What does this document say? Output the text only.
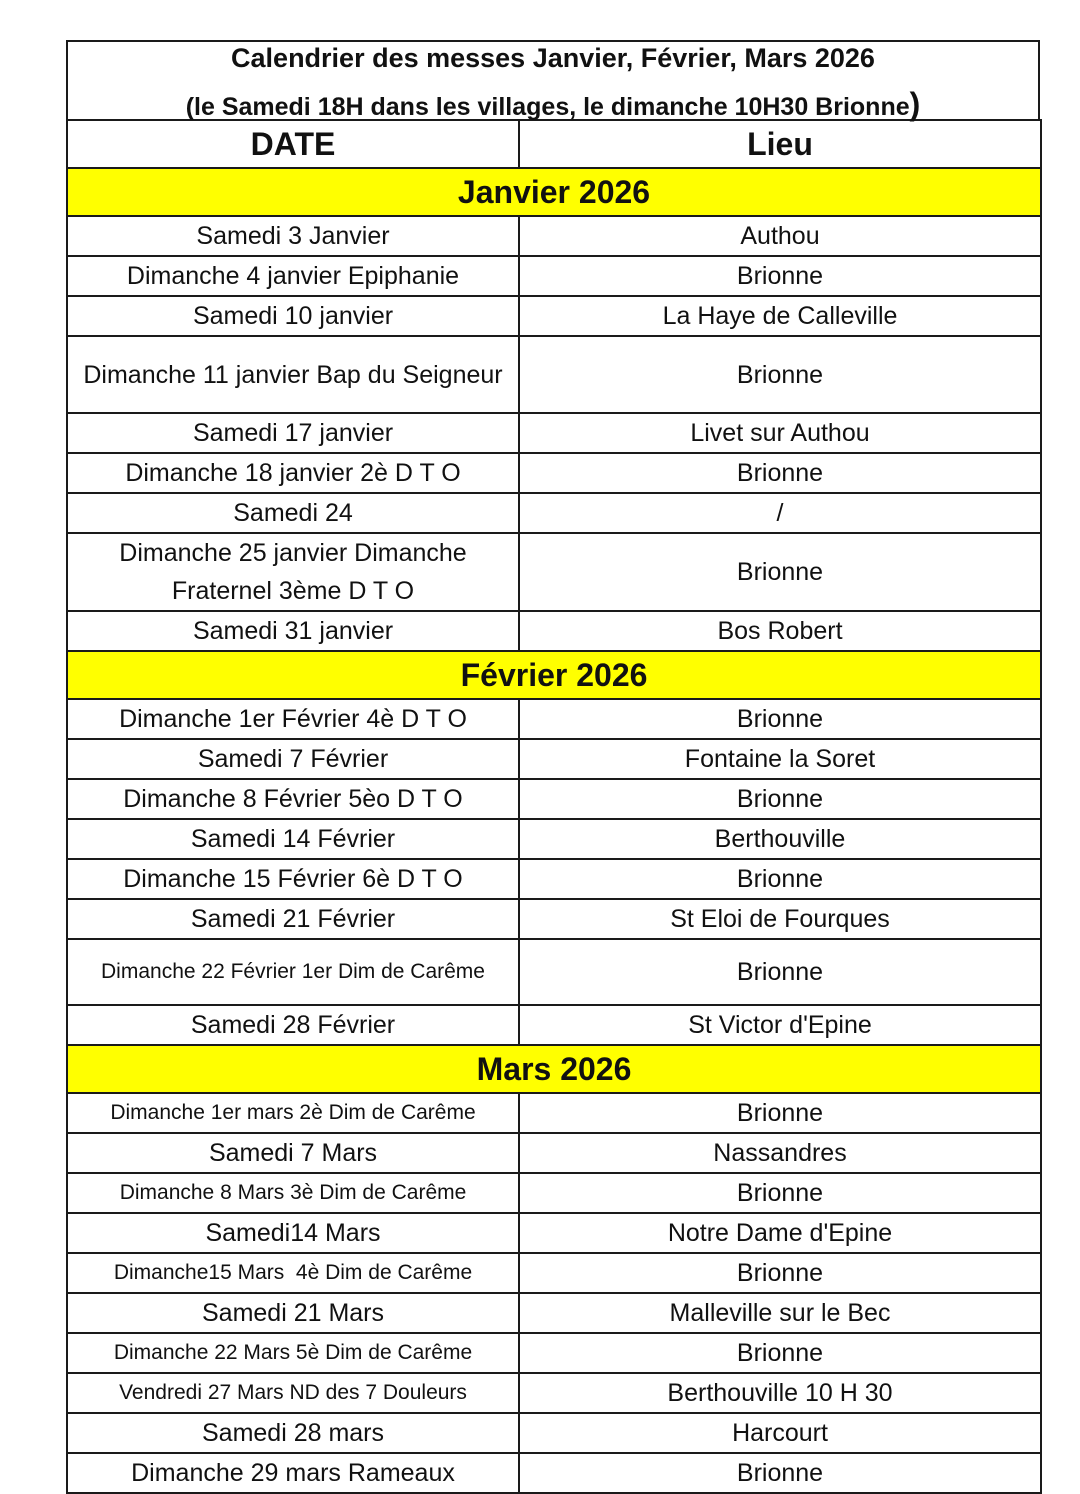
Calendrier des messes Janvier, Février, Mars 2026
(le Samedi 18H dans les villages, le dimanche 10H30 Brionne)
DATE	Lieu
Janvier 2026	
Samedi 3 Janvier	Authou
Dimanche 4 janvier Epiphanie	Brionne
Samedi 10 janvier	La Haye de Calleville
Dimanche 11 janvier Bap du Seigneur	Brionne
Samedi 17 janvier	Livet sur Authou
Dimanche 18 janvier 2è D T O	Brionne
Samedi 24	/
Dimanche 25 janvier Dimanche Fraternel 3ème D T O	Brionne
Samedi 31 janvier	Bos Robert
Février 2026	
Dimanche 1er Février 4è D T O	Brionne
Samedi 7 Février	Fontaine la Soret
Dimanche 8 Février 5èo D T O	Brionne
Samedi 14 Février	Berthouville
Dimanche 15 Février 6è D T O	Brionne
Samedi 21 Février	St Eloi de Fourques
Dimanche 22 Février 1er Dim de Carême	Brionne
Samedi 28 Février	St Victor d'Epine
Mars 2026	
Dimanche 1er mars 2è Dim de Carême	Brionne
Samedi 7 Mars	Nassandres
Dimanche 8 Mars 3è Dim de Carême	Brionne
Samedi14 Mars	Notre Dame d'Epine
Dimanche15 Mars  4è Dim de Carême	Brionne
Samedi 21 Mars	Malleville sur le Bec
Dimanche 22 Mars 5è Dim de Carême	Brionne
Vendredi 27 Mars ND des 7 Douleurs	Berthouville 10 H 30
Samedi 28 mars	Harcourt
Dimanche 29 mars Rameaux	Brionne
